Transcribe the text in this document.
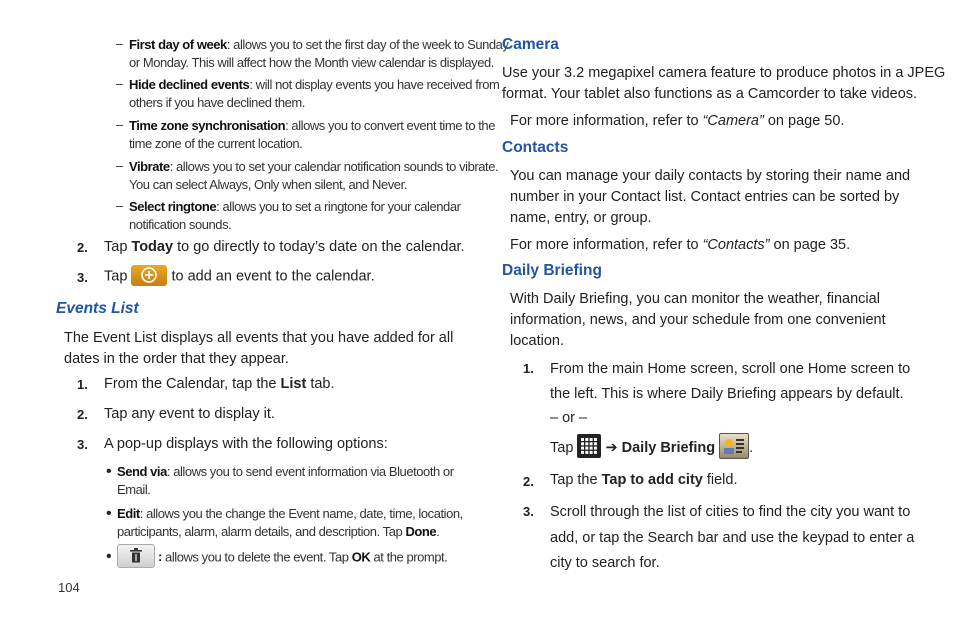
– First day of week: allows you to set the first day of the week to Sunday
or Monday. This will affect how the Month view calendar is displayed.
– Hide declined events: will not display events you have received from
others if you have declined them.
– Time zone synchronisation: allows you to convert event time to the
time zone of the current location.
– Vibrate: allows you to set your calendar notification sounds to vibrate.
You can select Always, Only when silent, and Never.
– Select ringtone: allows you to set a ringtone for your calendar
notification sounds.
2. Tap Today to go directly to today’s date on the calendar.
3. Tap	to add an event to the calendar.
Events List
The Event List displays all events that you have added for all
dates in the order that they appear.
1. From the Calendar, tap the List tab.
2. Tap any event to display it.
3. A pop-up displays with the following options:
• Send via: allows you to send event information via Bluetooth or
Email.
• Edit: allows you the change the Event name, date, time, location,
participants, alarm, alarm details, and description. Tap Done.
•	: allows you to delete the event. Tap OK at the prompt.
104
Camera
Use your 3.2 megapixel camera feature to produce photos in a JPEG
format. Your tablet also functions as a Camcorder to take videos.
For more information, refer to “Camera” on page 50.
Contacts
You can manage your daily contacts by storing their name and
number in your Contact list. Contact entries can be sorted by
name, entry, or group.
For more information, refer to “Contacts” on page 35.
Daily Briefing
With Daily Briefing, you can monitor the weather, financial
information, news, and your schedule from one convenient
location.
1. From the main Home screen, scroll one Home screen to
the left. This is where Daily Briefing appears by default.
– or –
Tap
➔ Daily Briefing .
2. Tap the Tap to add city field.
3. Scroll through the list of cities to find the city you want to
add, or tap the Search bar and use the keypad to enter a
city to search for.
